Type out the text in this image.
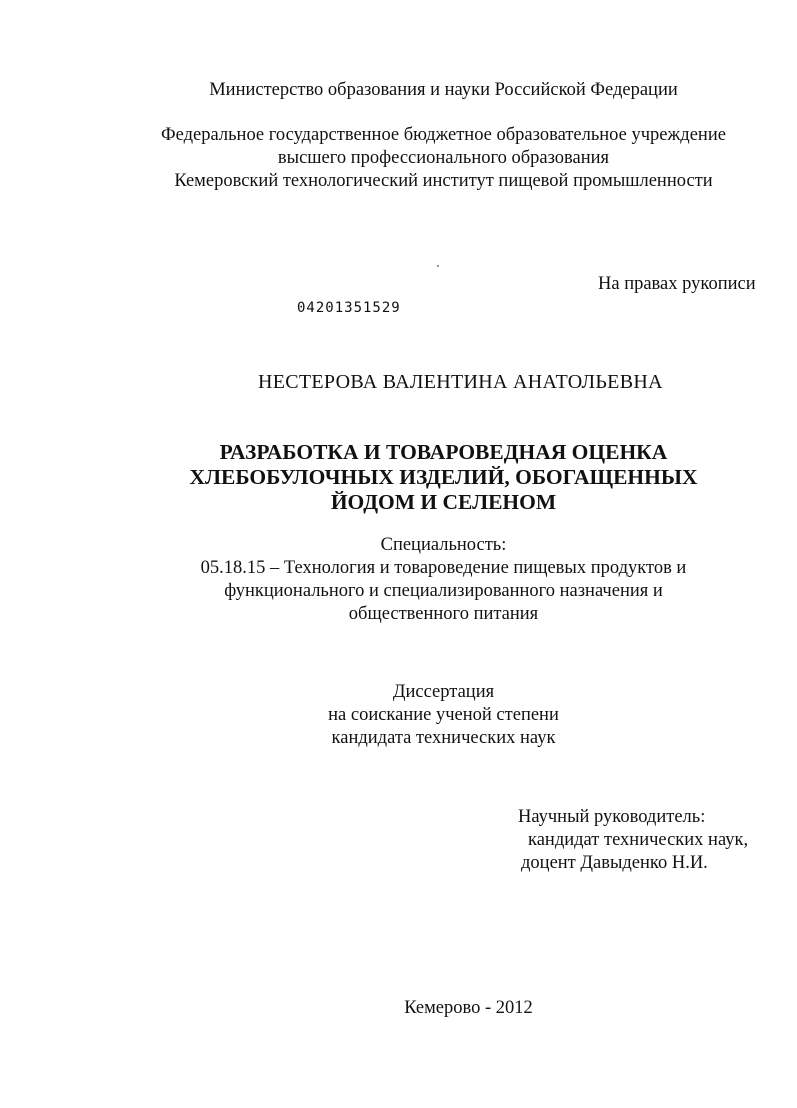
Министерство образования и науки Российской Федерации
Федеральное государственное бюджетное образовательное учреждение
высшего профессионального образования
Кемеровский технологический институт пищевой промышленности
На правах рукописи
04201351529
НЕСТЕРОВА ВАЛЕНТИНА АНАТОЛЬЕВНА
РАЗРАБОТКА И ТОВАРОВЕДНАЯ ОЦЕНКА
ХЛЕБОБУЛОЧНЫХ ИЗДЕЛИЙ, ОБОГАЩЕННЫХ
ЙОДОМ И СЕЛЕНОМ
Специальность:
05.18.15 – Технология и товароведение пищевых продуктов и
функционального и специализированного назначения и
общественного питания
Диссертация
на соискание ученой степени
кандидата технических наук
Научный руководитель:
кандидат технических наук,
доцент Давыденко Н.И.
Кемерово - 2012
